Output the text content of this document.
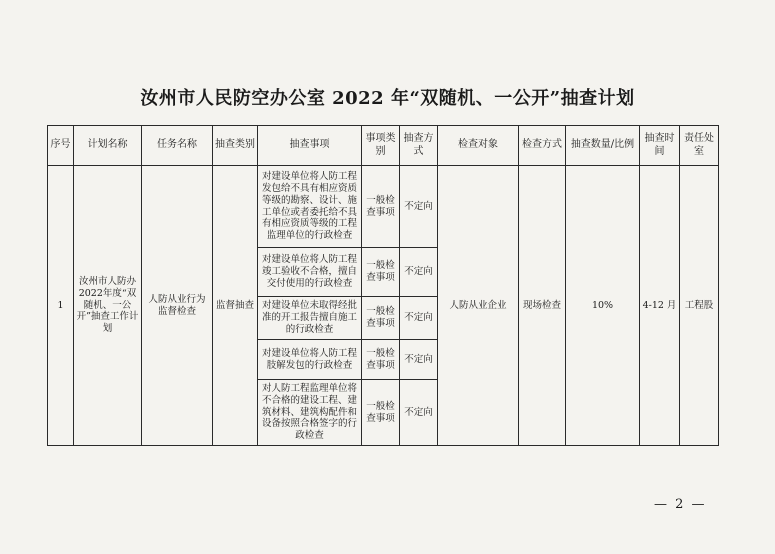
汝州市人民防空办公室 2022 年“双随机、一公开”抽查计划
序号	计划名称	任务名称	抽查类别	抽查事项	事项类别	抽查方式	检查对象	检查方式	抽查数量/比例	抽查时间	责任处室
1	汝州市人防办2022年度“双随机、一公开”抽查工作计划	人防从业行为监督检查	监督抽查	对建设单位将人防工程发包给不具有相应资质等级的勘察、设计、施工单位或者委托给不具有相应资质等级的工程监理单位的行政检查	一般检查事项	不定向	人防从业企业	现场检查	10%	4-12 月	工程股
				对建设单位将人防工程竣工验收不合格，擅自交付使用的行政检查	一般检查事项	不定向					
				对建设单位未取得经批准的开工报告擅自施工的行政检查	一般检查事项	不定向					
				对建设单位将人防工程肢解发包的行政检查	一般检查事项	不定向					
				对人防工程监理单位将不合格的建设工程、建筑材料、建筑构配件和设备按照合格签字的行政检查	一般检查事项	不定向					
— 2 —
